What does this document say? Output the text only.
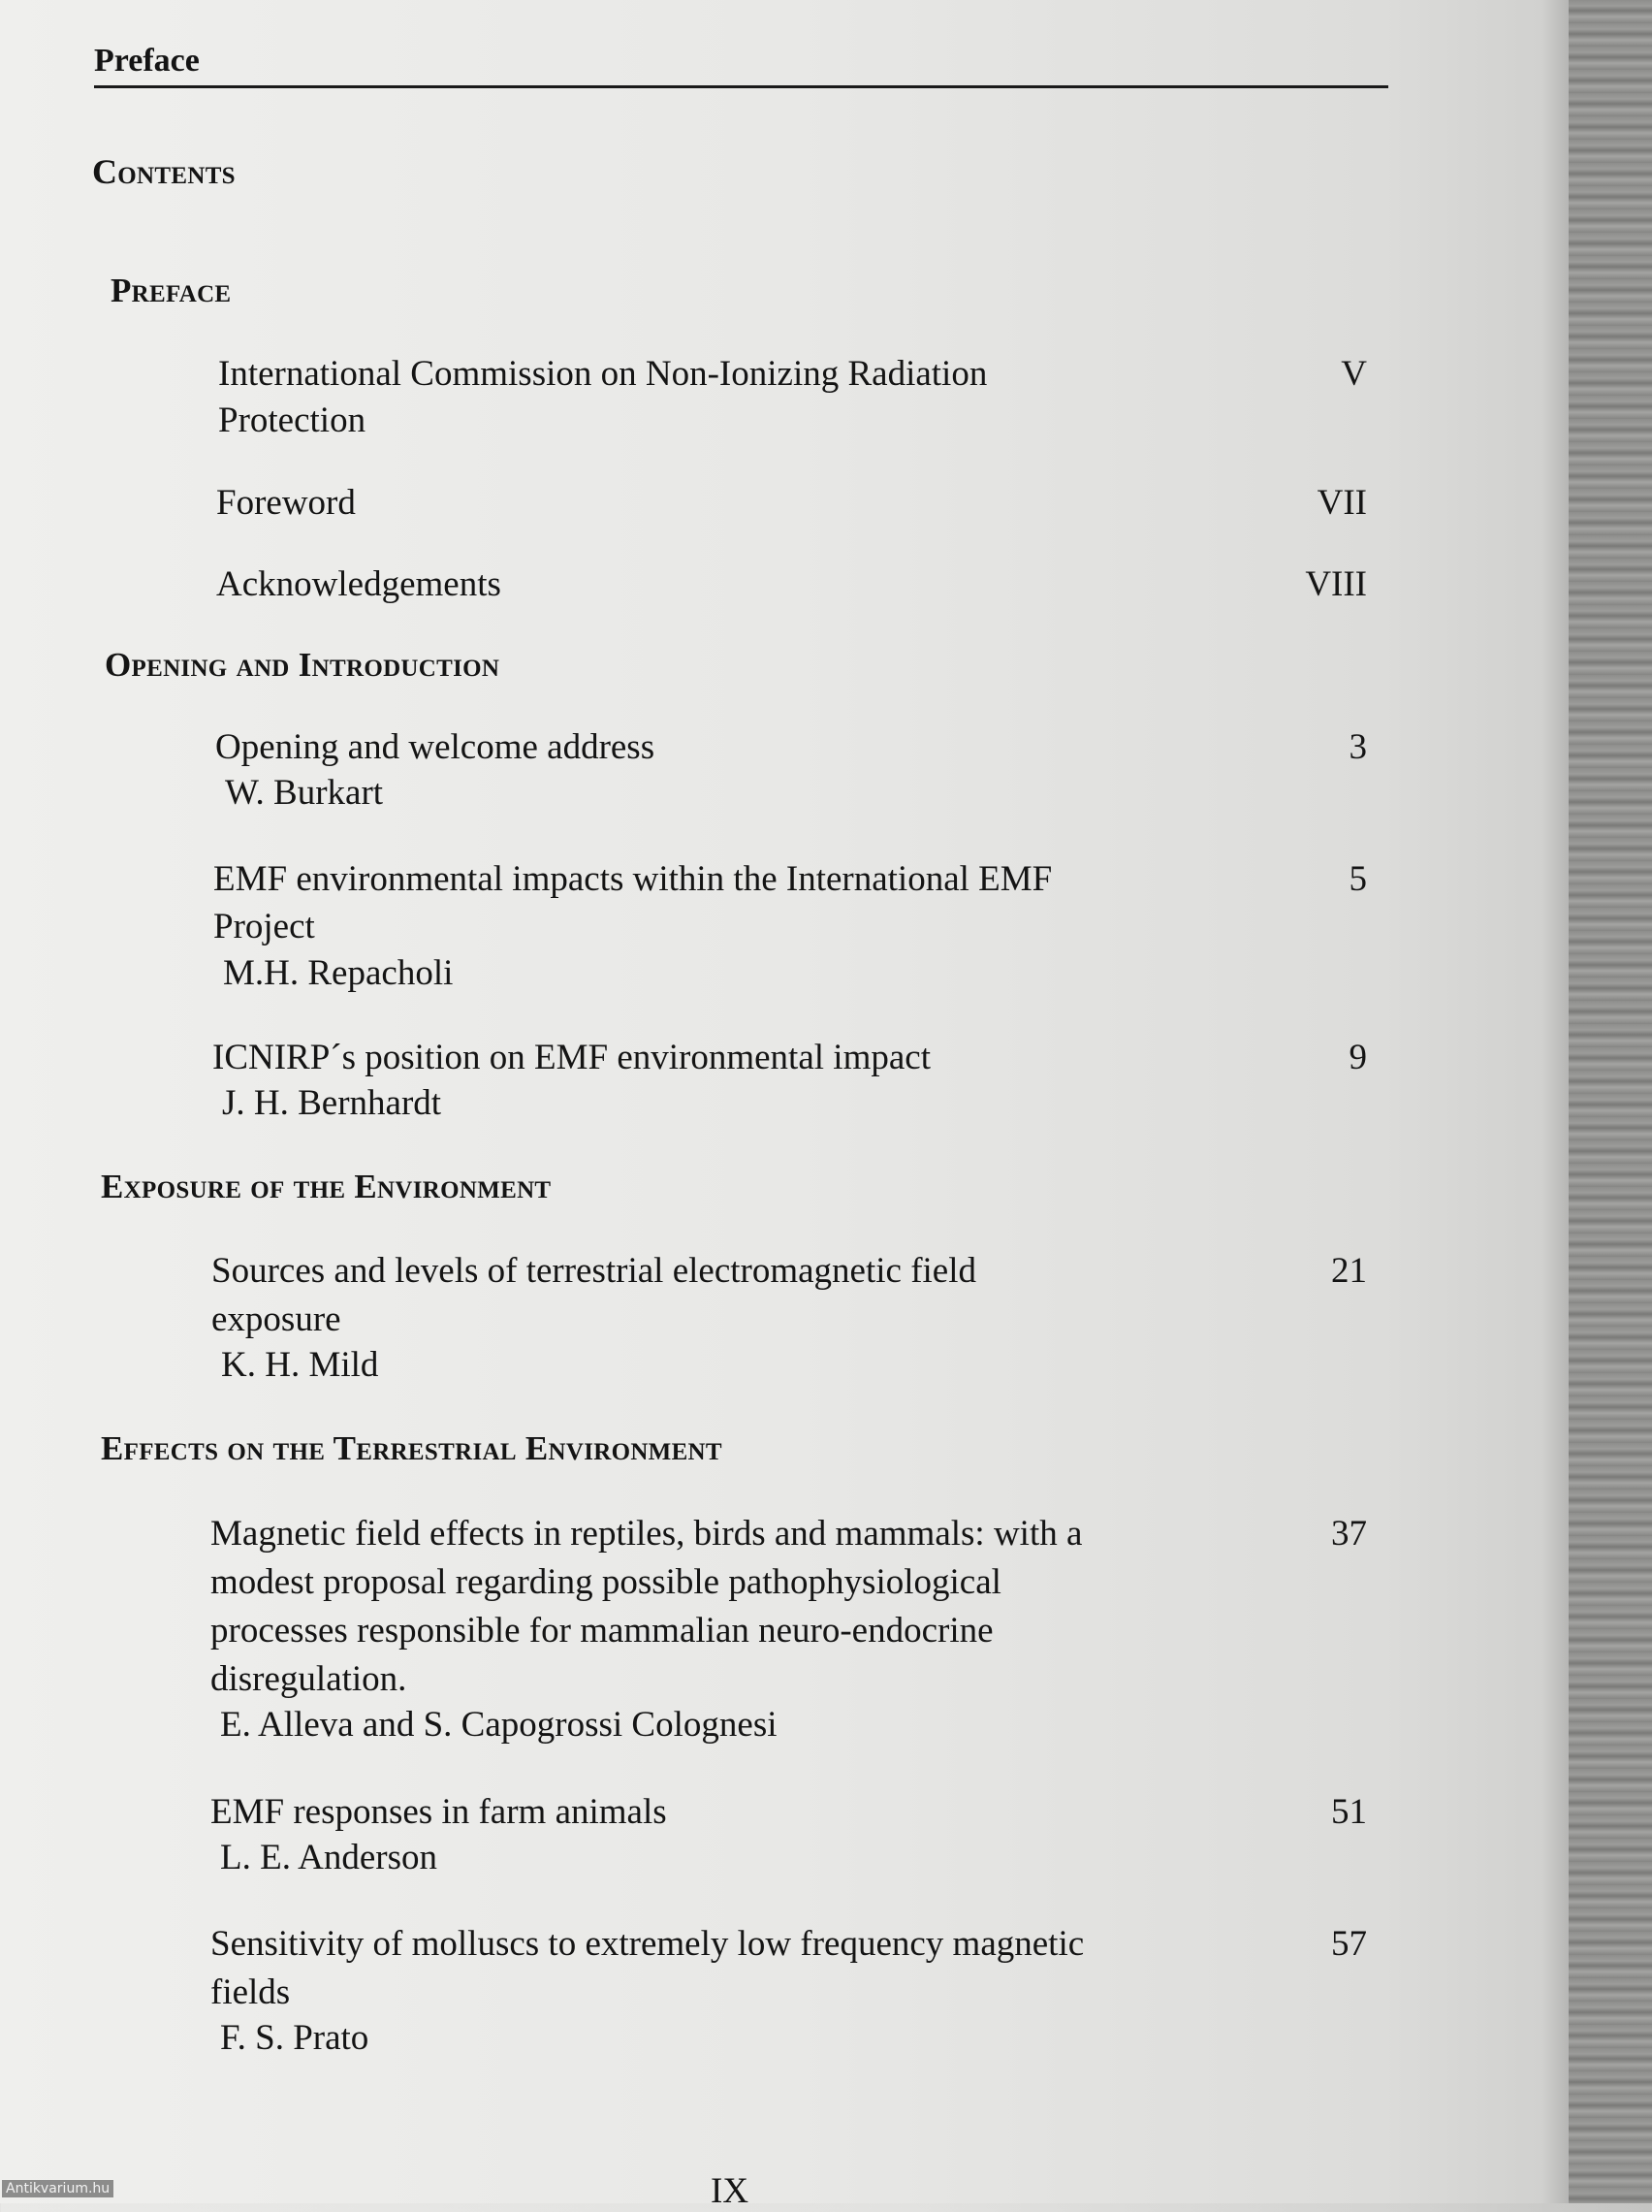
Preface
Contents
Preface
International Commission on Non-Ionizing Radiation
Protection
V
Foreword	VII
Acknowledgements	VIII
Opening and Introduction
Opening and welcome address
W. Burkart
3
EMF environmental impacts within the International EMF
Project
M.H. Repacholi
5
ICNIRP´s position on EMF environmental impact
J. H. Bernhardt
9
Exposure of the Environment
Sources and levels of terrestrial electromagnetic field
exposure
K. H. Mild
21
Effects on the Terrestrial Environment
Magnetic field effects in reptiles, birds and mammals: with a
modest proposal regarding possible pathophysiological
processes responsible for mammalian neuro-endocrine
disregulation.
E. Alleva and S. Capogrossi Colognesi
37
EMF responses in farm animals
L. E. Anderson
51
Sensitivity of molluscs to extremely low frequency magnetic
fields
F. S. Prato
57
IX
Antikvarium.hu
